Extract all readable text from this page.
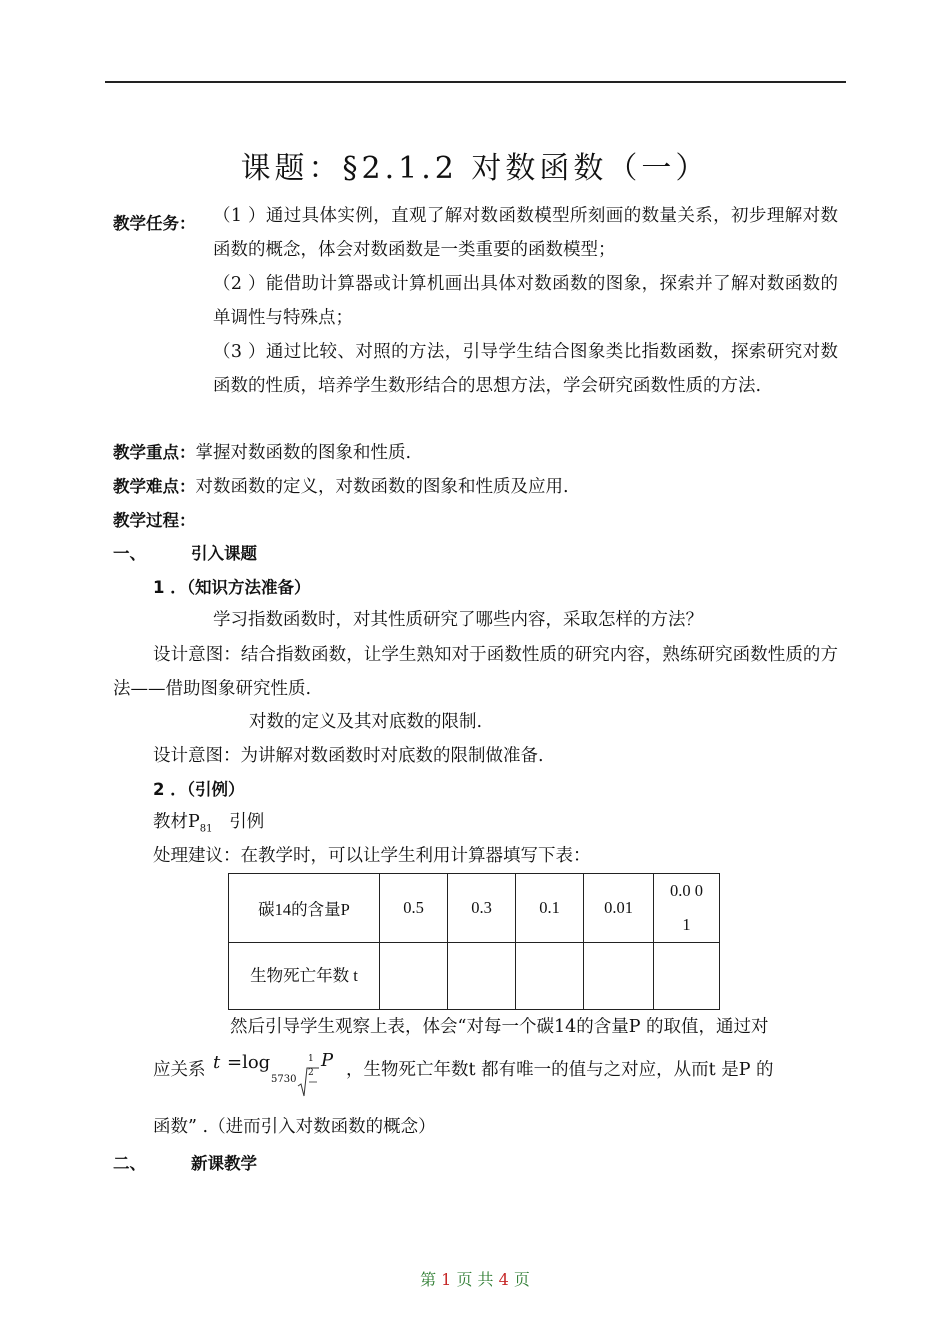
课题：§2.1.2 对数函数（一）
教学任务： （1 ）通过具体实例，直观了解对数函数模型所刻画的数量关系，初步理解对数函数的概念，体会对数函数是一类重要的函数模型；
（2 ）能借助计算器或计算机画出具体对数函数的图象，探索并了解对数函数的单调性与特殊点；
（3 ）通过比较、对照的方法，引导学生结合图象类比指数函数，探索研究对数函数的性质，培养学生数形结合的思想方法，学会研究函数性质的方法.
教学重点：掌握对数函数的图象和性质.
教学难点：对数函数的定义，对数函数的图象和性质及应用.
教学过程：
一、	引入课题
1 ．（知识方法准备）
学习指数函数时，对其性质研究了哪些内容，采取怎样的方法？
设计意图：结合指数函数，让学生熟知对于函数性质的研究内容，熟练研究函数性质的方法——借助图象研究性质.
对数的定义及其对底数的限制.
设计意图：为讲解对数函数时对底数的限制做准备.
2 ．（引例）
教材$P_{81}$ 引例
处理建议：在教学时，可以让学生利用计算器填写下表：
碳14的含量P	0.5	0.3	0.1	0.01	0.0 01
生物死亡年数 t					
然后引导学生观察上表，体会“对每一个碳14的含量P 的取值，通过对
应关系 t =log
5730
1
2
P ，生物死亡年数t 都有唯一的值与之对应，从而t 是P 的
函数” .（进而引入对数函数的概念）
二、	新课教学
第 1 页 共 4 页
